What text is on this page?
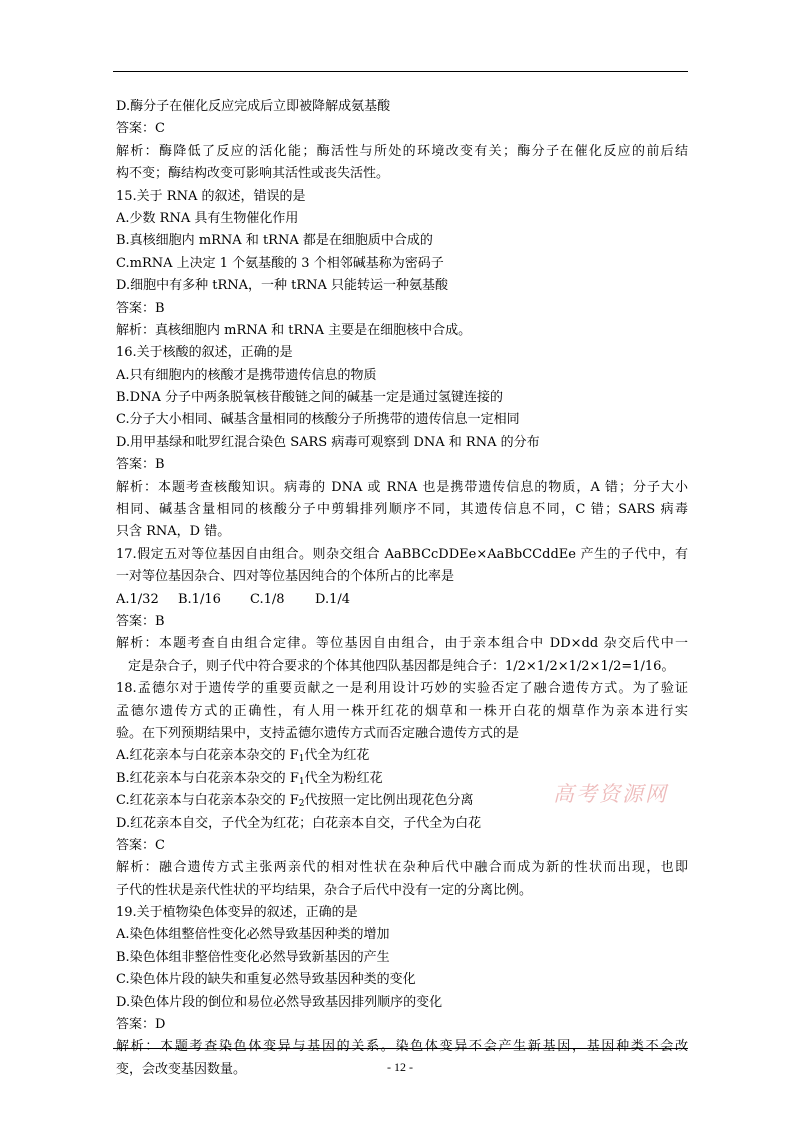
D.酶分子在催化反应完成后立即被降解成氨基酸
答案：C
解析：酶降低了反应的活化能；酶活性与所处的环境改变有关；酶分子在催化反应的前后结
构不变；酶结构改变可影响其活性或丧失活性。
15.关于 RNA 的叙述，错误的是
A.少数 RNA 具有生物催化作用
B.真核细胞内 mRNA 和 tRNA 都是在细胞质中合成的
C.mRNA 上决定 1 个氨基酸的 3 个相邻碱基称为密码子
D.细胞中有多种 tRNA，一种 tRNA 只能转运一种氨基酸
答案：B
解析：真核细胞内 mRNA 和 tRNA 主要是在细胞核中合成。
16.关于核酸的叙述，正确的是
A.只有细胞内的核酸才是携带遗传信息的物质
B.DNA 分子中两条脱氧核苷酸链之间的碱基一定是通过氢键连接的
C.分子大小相同、碱基含量相同的核酸分子所携带的遗传信息一定相同
D.用甲基绿和吡罗红混合染色 SARS 病毒可观察到 DNA 和 RNA 的分布
答案：B
解析：本题考查核酸知识。病毒的 DNA 或 RNA 也是携带遗传信息的物质，A 错；分子大小
相同、碱基含量相同的核酸分子中剪辑排列顺序不同，其遗传信息不同，C 错；SARS 病毒
只含 RNA，D 错。
17.假定五对等位基因自由组合。则杂交组合 AaBBCcDDEe×AaBbCCddEe 产生的子代中，有
一对等位基因杂合、四对等位基因纯合的个体所占的比率是
A.1/32 B.1/16 C.1/8 D.1/4
答案：B
解析：本题考查自由组合定律。等位基因自由组合，由于亲本组合中 DD×dd 杂交后代中一
定是杂合子，则子代中符合要求的个体其他四队基因都是纯合子：1/2×1/2×1/2×1/2=1/16。
18.孟德尔对于遗传学的重要贡献之一是利用设计巧妙的实验否定了融合遗传方式。为了验证
孟德尔遗传方式的正确性，有人用一株开红花的烟草和一株开白花的烟草作为亲本进行实
验。在下列预期结果中，支持孟德尔遗传方式而否定融合遗传方式的是
A.红花亲本与白花亲本杂交的 $F_1$代全为红花
B.红花亲本与白花亲本杂交的 $F_1$代全为粉红花
C.红花亲本与白花亲本杂交的 $F_2$代按照一定比例出现花色分离
D.红花亲本自交，子代全为红花；白花亲本自交，子代全为白花
答案：C
解析：融合遗传方式主张两亲代的相对性状在杂种后代中融合而成为新的性状而出现，也即
子代的性状是亲代性状的平均结果，杂合子后代中没有一定的分离比例。
19.关于植物染色体变异的叙述，正确的是
A.染色体组整倍性变化必然导致基因种类的增加
B.染色体组非整倍性变化必然导致新基因的产生
C.染色体片段的缺失和重复必然导致基因种类的变化
D.染色体片段的倒位和易位必然导致基因排列顺序的变化
答案：D
解析：本题考查染色体变异与基因的关系。染色体变异不会产生新基因，基因种类不会改
变，会改变基因数量。
高考资源网
- 12 -
